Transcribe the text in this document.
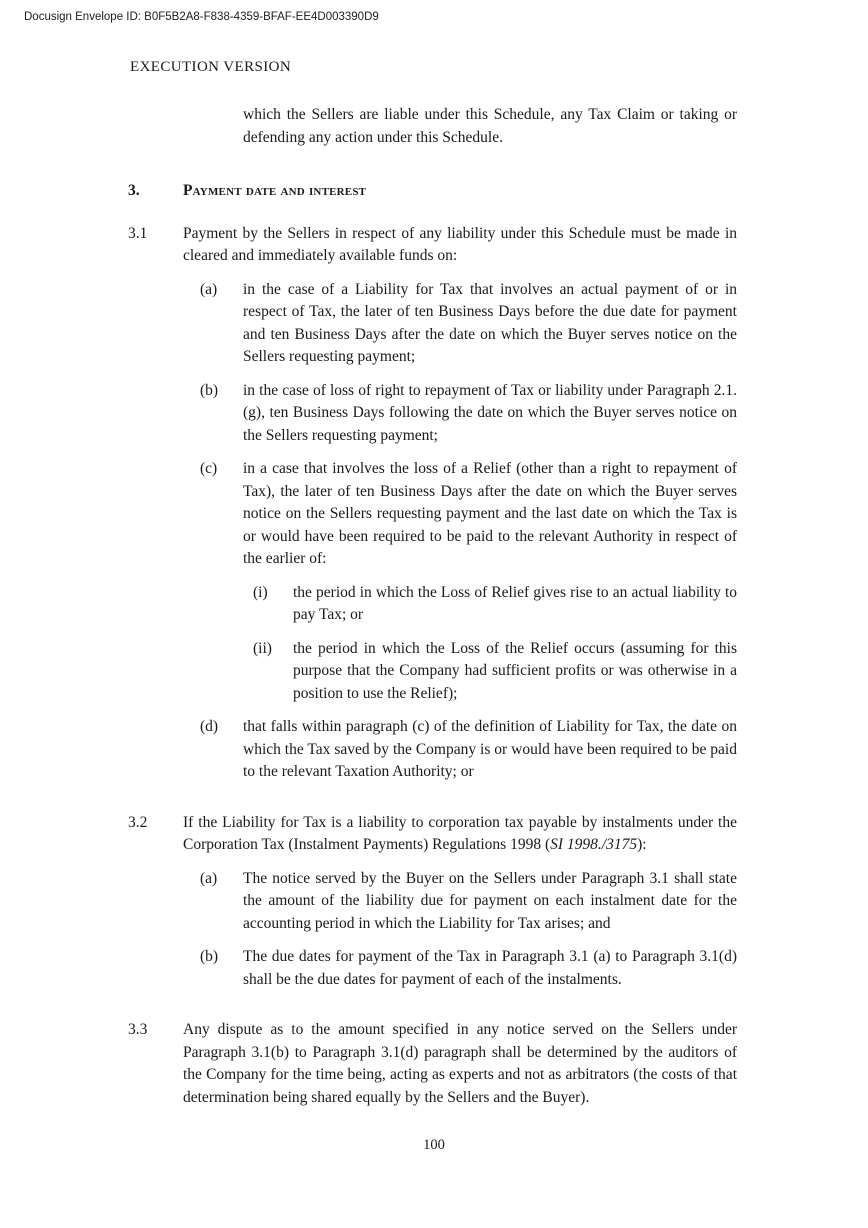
Docusign Envelope ID: B0F5B2A8-F838-4359-BFAF-EE4D003390D9
EXECUTION VERSION

which the Sellers are liable under this Schedule, any Tax Claim or taking or defending any action under this Schedule.

3.	Payment date and interest
3.1	Payment by the Sellers in respect of any liability under this Schedule must be made in cleared and immediately available funds on:

(a)	in the case of a Liability for Tax that involves an actual payment of or in respect of Tax, the later of ten Business Days before the due date for payment and ten Business Days after the date on which the Buyer serves notice on the Sellers requesting payment;

(b)	in the case of loss of right to repayment of Tax or liability under Paragraph 2.1.(g), ten Business Days following the date on which the Buyer serves notice on the Sellers requesting payment;

(c)	in a case that involves the loss of a Relief (other than a right to repayment of Tax), the later of ten Business Days after the date on which the Buyer serves notice on the Sellers requesting payment and the last date on which the Tax is or would have been required to be paid to the relevant Authority in respect of the earlier of:

(i)	the period in which the Loss of Relief gives rise to an actual liability to pay Tax; or

(ii)	the period in which the Loss of the Relief occurs (assuming for this purpose that the Company had sufficient profits or was otherwise in a position to use the Relief);

(d)	that falls within paragraph (c) of the definition of Liability for Tax, the date on which the Tax saved by the Company is or would have been required to be paid to the relevant Taxation Authority; or

3.2	If the Liability for Tax is a liability to corporation tax payable by instalments under the Corporation Tax (Instalment Payments) Regulations 1998 (SI 1998./3175):

(a)	The notice served by the Buyer on the Sellers under Paragraph 3.1 shall state the amount of the liability due for payment on each instalment date for the accounting period in which the Liability for Tax arises; and

(b)	The due dates for payment of the Tax in Paragraph 3.1 (a) to Paragraph 3.1(d) shall be the due dates for payment of each of the instalments.

3.3	Any dispute as to the amount specified in any notice served on the Sellers under Paragraph 3.1(b) to Paragraph 3.1(d) paragraph shall be determined by the auditors of the Company for the time being, acting as experts and not as arbitrators (the costs of that determination being shared equally by the Sellers and the Buyer).

100
